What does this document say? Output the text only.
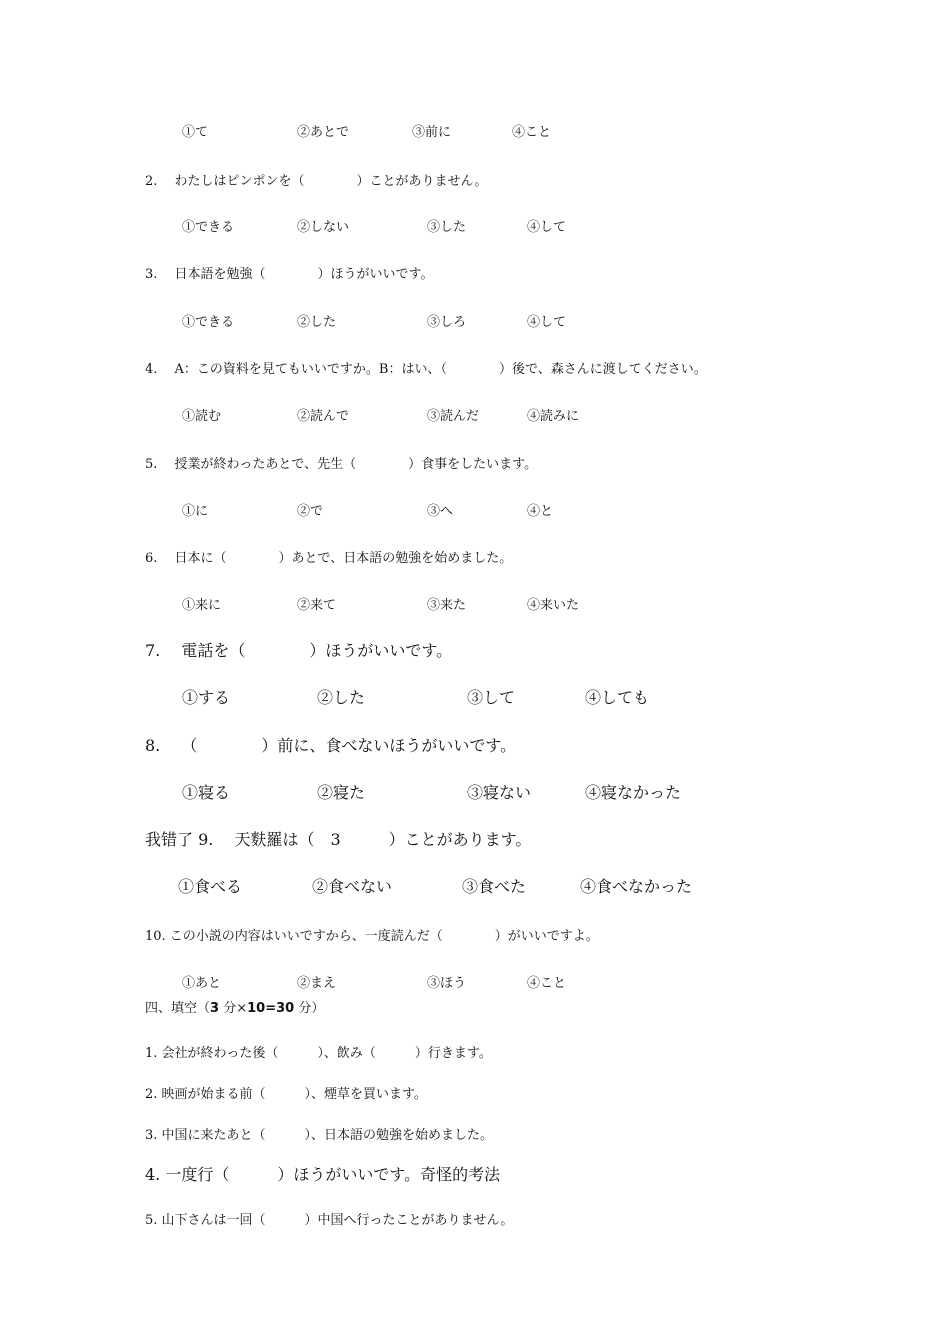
①て	②あとで	③前に	④こと
2.　 わたしはピンポンを（　　　　）ことがありません。
①できる	②しない	③した	④して
3.　 日本語を勉強（　　　　）ほうがいいです。
①できる	②した	③しろ	④して
4.　 A：この資料を見てもいいですか。B：はい、（　　　　）後で、森さんに渡してください。
①読む	②読んで	③読んだ	④読みに
5.　 授業が終わったあとで、先生（　　　　）食事をしたいます。
①に	②で	③へ	④と
6.　 日本に（　　　　）あとで、日本語の勉強を始めました。
①来に	②来て	③来た	④来いた
7.　 電話を（　　　　）ほうがいいです。
①する	②した	③して	④しても
8.　 （　　　　）前に、食べないほうがいいです。
①寝る	②寝た	③寝ない	④寝なかった
我错了 9.　 天麩羅は（　3　　　）ことがあります。
①食べる	②食べない	③食べた	④食べなかった
10. この小説の内容はいいですから、一度読んだ（　　　　）がいいですよ。
①あと	②まえ	③ほう	④こと
四、填空（3 分×10=30 分）
1. 会社が終わった後（　　　）、飲み（　　　）行きます。
2. 映画が始まる前（　　　）、煙草を買います。
3. 中国に来たあと（　　　）、日本語の勉強を始めました。
4. 一度行（　　　）ほうがいいです。奇怪的考法
5. 山下さんは一回（　　　）中国へ行ったことがありません。
